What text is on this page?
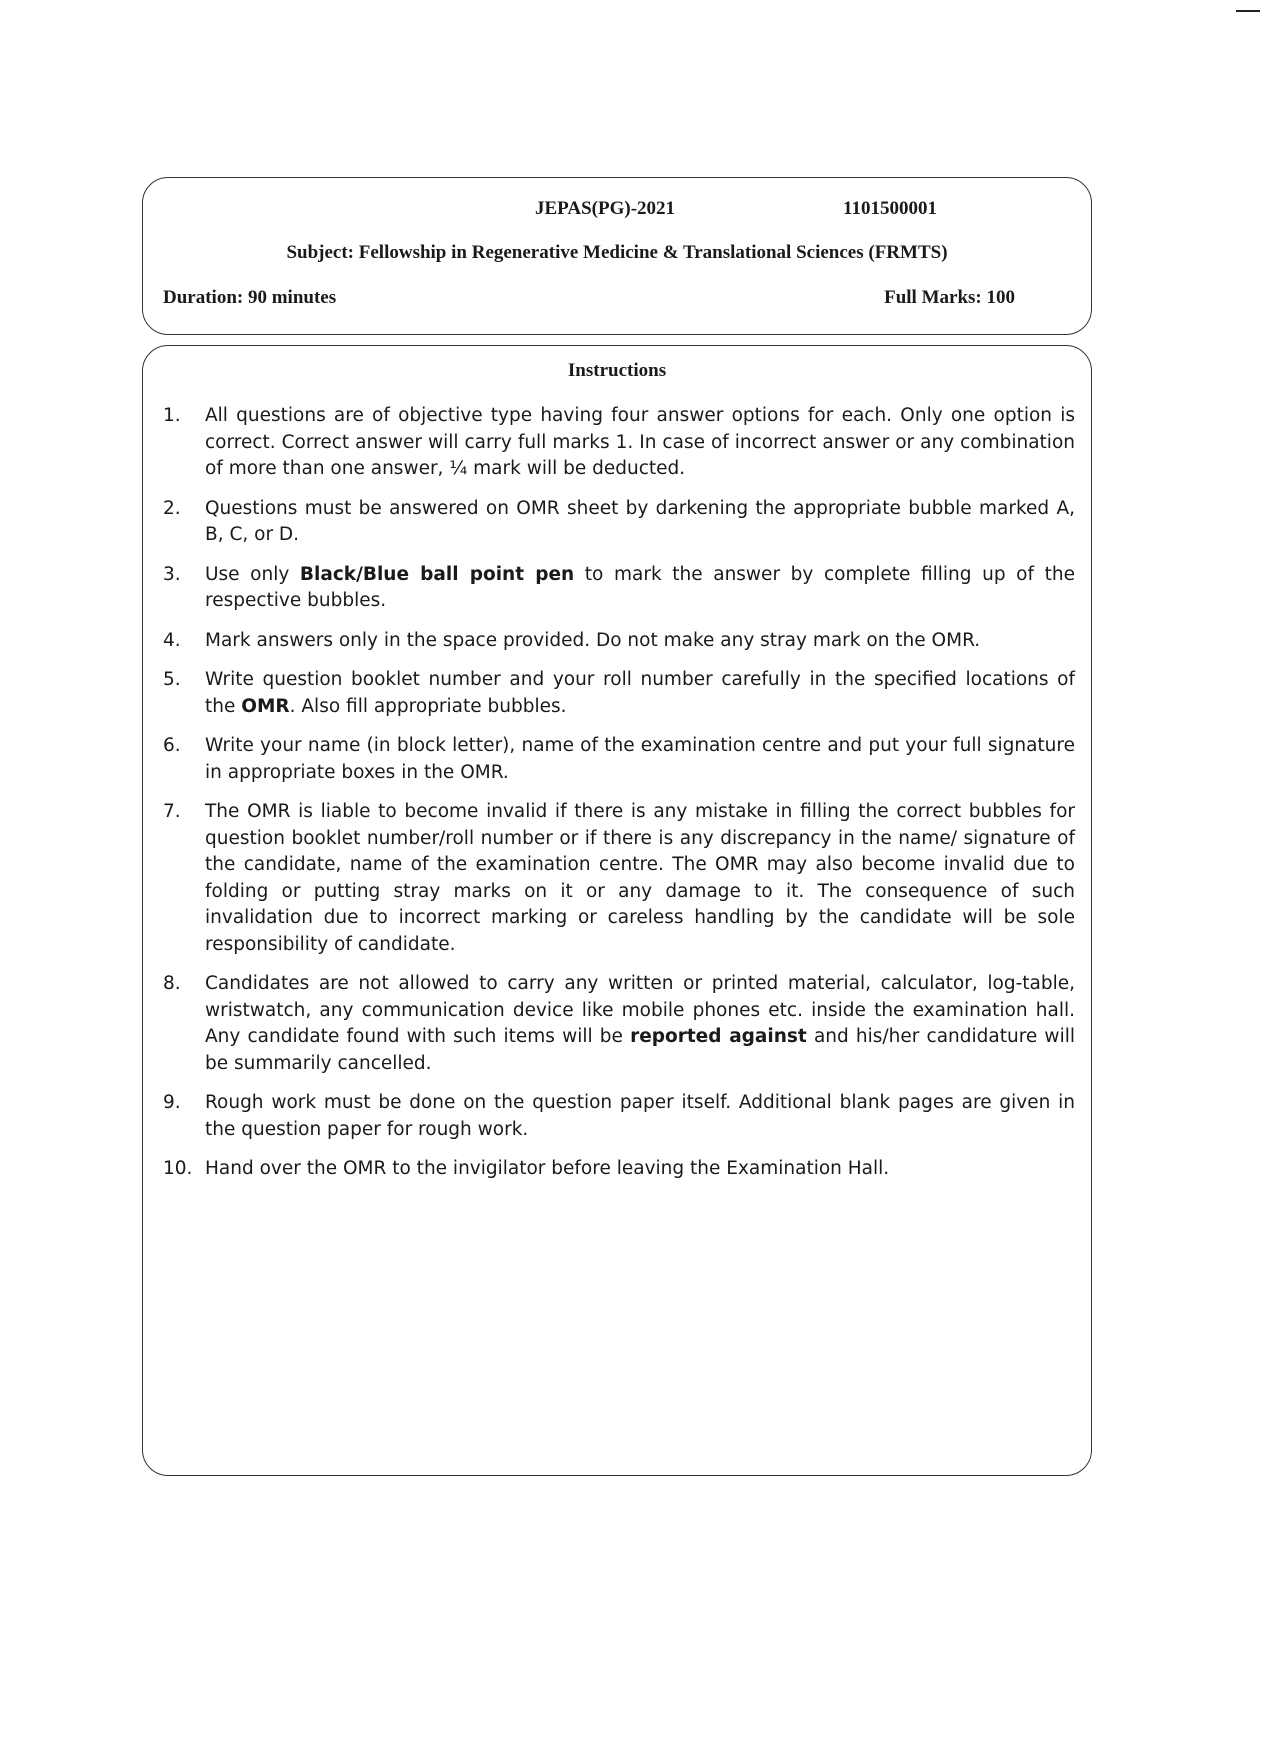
JEPAS(PG)-2021	1101500001
Subject: Fellowship in Regenerative Medicine & Translational Sciences (FRMTS)
Duration: 90 minutes	Full Marks: 100
Instructions
1.	All questions are of objective type having four answer options for each. Only one option is correct. Correct answer will carry full marks 1. In case of incorrect answer or any combination of more than one answer, ¼ mark will be deducted.
2.	Questions must be answered on OMR sheet by darkening the appropriate bubble marked A, B, C, or D.
3.	Use only Black/Blue ball point pen to mark the answer by complete filling up of the respective bubbles.
4.	Mark answers only in the space provided. Do not make any stray mark on the OMR.
5.	Write question booklet number and your roll number carefully in the specified locations of the OMR. Also fill appropriate bubbles.
6.	Write your name (in block letter), name of the examination centre and put your full signature in appropriate boxes in the OMR.
7.	The OMR is liable to become invalid if there is any mistake in filling the correct bubbles for question booklet number/roll number or if there is any discrepancy in the name/ signature of the candidate, name of the examination centre. The OMR may also become invalid due to folding or putting stray marks on it or any damage to it. The consequence of such invalidation due to incorrect marking or careless handling by the candidate will be sole responsibility of candidate.
8.	Candidates are not allowed to carry any written or printed material, calculator, log-table, wristwatch, any communication device like mobile phones etc. inside the examination hall. Any candidate found with such items will be reported against and his/her candidature will be summarily cancelled.
9.	Rough work must be done on the question paper itself. Additional blank pages are given in the question paper for rough work.
10. Hand over the OMR to the invigilator before leaving the Examination Hall.
